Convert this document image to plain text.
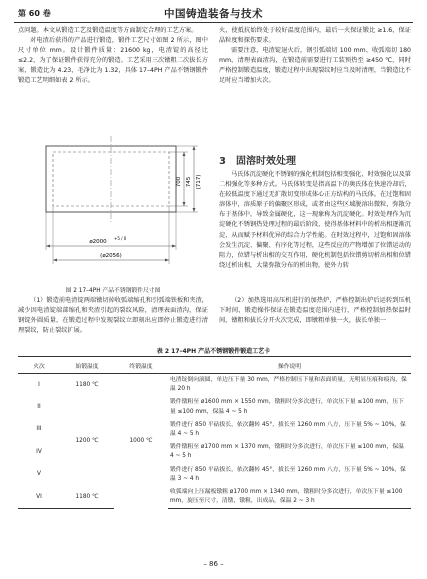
第 60 卷	中国铸造装备与技术

点问题。本文从锻造工艺及锻造温度等方面制定合理的工艺方案。

对电渣后获得的产品进行锻造，锻件工艺尺寸如图 2 所示，图中尺寸单位 mm。设计锻件质量：21600 kg，电渣锭的高径比 ≤2.2，为了保证锻件获得充分的锻造。工艺采用三次镦粗二次拔长方案，锻造比为 4.23，毛净比为 1.32，具体 17–4PH 产品不锈钢锻件锻造工艺明细如表 2 所示。

745 (717)
700
ø2000
+5 / 0
(ø2056)
图 2 17–4PH 产品不锈钢锻件尺寸图

（1）锻造前电渣锭两端镦切掉收弧端缩孔和引弧端铁板和夹渣，减少因电渣锭端部缩孔和夹渣引起的裂纹风险，清理表面渣沟，保证钢锭外圆质量，在锻造过程中发现裂纹立即刻出应即停止锻造进行清理裂纹，防止裂纹扩展。

火，使抵抗始终处于较好温度范围内，最后一火保证锻比 ≥1.6，保证晶粒度和探伤要求。

需要注意，电渣锭退火后，钢引弧端切 100 mm、收弧端切 180 mm，清理表面渣沟，在锻造前需要进行工装预热至 ≥450 ℃，同时严格控制锻造温度，锻造过程中出现裂纹时应当及时清理，当锻造比不足时应当增加火次。

3 固溶时效处理

马氏体沉淀硬化不锈钢的强化机制包括相变强化、时效强化以及第二相强化等多种方式。马氏体转变是指高温下的奥氏体在快速冷却后，在较低温度下通过无扩散切变形成体心正方结构的马氏体。在过饱和固溶体中，溶质原子的偏聚区形成，或者由这些区域脱溶出微粒，弥散分布于基体中，导致金属硬化，这一现象称为沉淀硬化。时效处理作为沉淀硬化不锈钢热处理过程的最后阶段，使得基体材料中的析出相逐渐沉淀，从而赋予材料优异的综合力学性能。在时效过程中，过饱和固溶体会发生沉淀、偏聚、有序化等过程，这些反应的产物增加了位错运动的阻力，位错与析出相的交互作用，硬化机制包括位错剪切析出相和位错绕过析出相，大量弥散分布的析出物，使外力转

（2）加热选用高压机进行的加热炉，严格控制出炉后运转到压机下时间，锻造操作保证在锻造温度范围内进行，严格控制加热保温时间，镦粗和拔长分开火次完成，即镦粗单独一火，拔长单独一

表 2 17–4PH 产品不锈钢锻件锻造工艺卡
火次	始锻温度	终锻温度	操作说明
I	1180 ℃	1000 ℃	电渣锭倒向滚圆，单边压下量 30 mm，严格控制压下量和表面质量，无明显压痕和痕沟，保温 20 h
II	1200 ℃		锻件镦粗至 ø1600 mm × 1550 mm，镦粗时分多次进行，单次压下量 ≤100 mm，压下量 ≤100 mm，保温 4 ~ 5 h
III			锻件进行 850 平砧拔长，依次翻转 45°，拔长至 1260 mm 八方，压下量 5% ~ 10%，保温 4 ~ 5 h
IV			锻件镦粗至 ø1700 mm × 1370 mm，镦粗时分多次进行，单次压下量 ≤100 mm，保温 4 ~ 5 h
V			锻件进行 850 平砧拔长，依次翻转 45°，拔长至 1260 mm 八方，压下量 5% ~ 10%，保温 3 ~ 4 h
VI	1180 ℃		收弧端向上压漏板镦粗 ø1700 mm × 1340 mm，镦粗时分多次进行，单次压下量 ≤100 mm，旋压至尺寸，清镦，镦粗，出成品，保温 2 ~ 3 h
– 86 –
